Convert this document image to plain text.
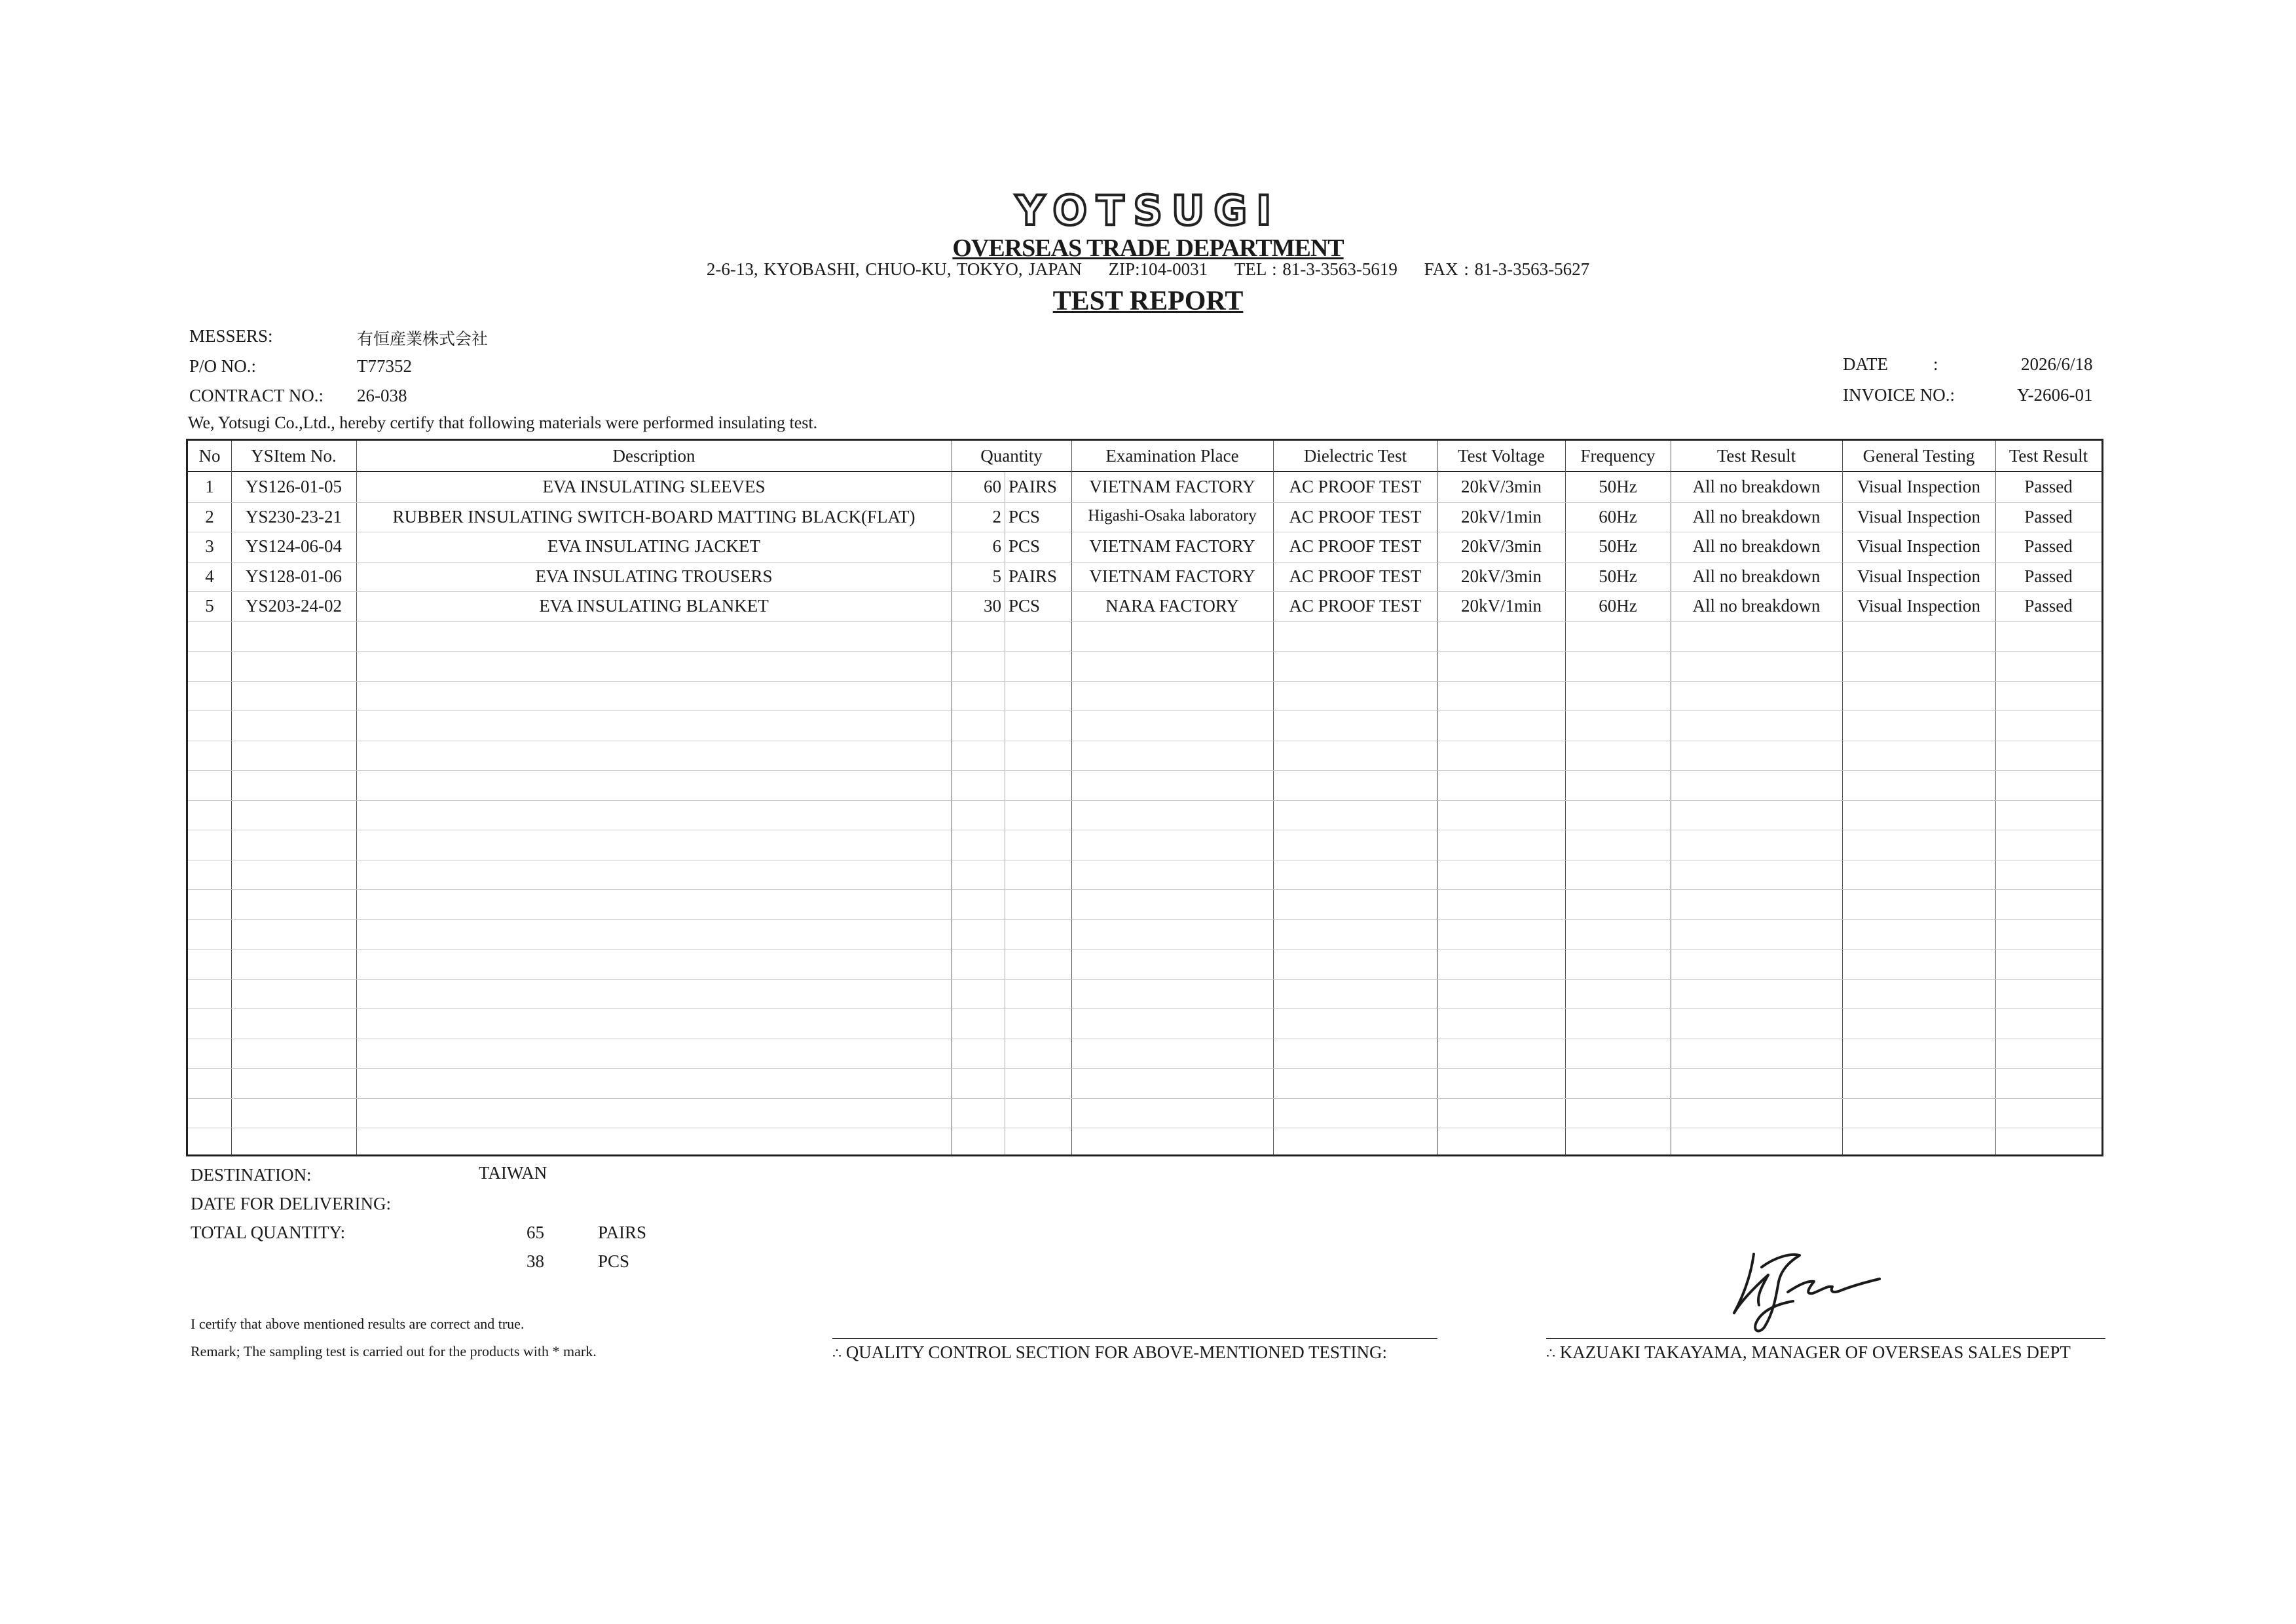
YOTSUGI
OVERSEAS TRADE DEPARTMENT
2-6-13, KYOBASHI, CHUO-KU, TOKYO, JAPAN ZIP:104-0031 TEL : 81-3-3563-5619 FAX : 81-3-3563-5627
TEST REPORT
MESSERS:	有恒産業株式会社
P/O NO.:	T77352
CONTRACT NO.: 26-038
DATE	:	2026/6/18
INVOICE NO.:	Y-2606-01
We, Yotsugi Co.,Ltd., hereby certify that following materials were performed insulating test.
No	YSItem No.	Description	Quantity	Examination Place	Dielectric Test	Test Voltage	Frequency	Test Result	General Testing	Test Result
1	YS126-01-05	EVA INSULATING SLEEVES	60 PAIRS	VIETNAM FACTORY	AC PROOF TEST	20kV/3min	50Hz	All no breakdown	Visual Inspection	Passed
2	YS230-23-21	RUBBER INSULATING SWITCH-BOARD MATTING BLACK(FLAT)	2 PCS	Higashi-Osaka laboratory	AC PROOF TEST	20kV/1min	60Hz	All no breakdown	Visual Inspection	Passed
3	YS124-06-04	EVA INSULATING JACKET	6 PCS	VIETNAM FACTORY	AC PROOF TEST	20kV/3min	50Hz	All no breakdown	Visual Inspection	Passed
4	YS128-01-06	EVA INSULATING TROUSERS	5 PAIRS	VIETNAM FACTORY	AC PROOF TEST	20kV/3min	50Hz	All no breakdown	Visual Inspection	Passed
5	YS203-24-02	EVA INSULATING BLANKET	30 PCS	NARA FACTORY	AC PROOF TEST	20kV/1min	60Hz	All no breakdown	Visual Inspection	Passed
DESTINATION:	TAIWAN
DATE FOR DELIVERING:
TOTAL QUANTITY:	65	PAIRS
38	PCS
I certify that above mentioned results are correct and true.
Remark; The sampling test is carried out for the products with * mark.	∴ QUALITY CONTROL SECTION FOR ABOVE-MENTIONED TESTING:	∴ KAZUAKI TAKAYAMA, MANAGER OF OVERSEAS SALES DEPT
